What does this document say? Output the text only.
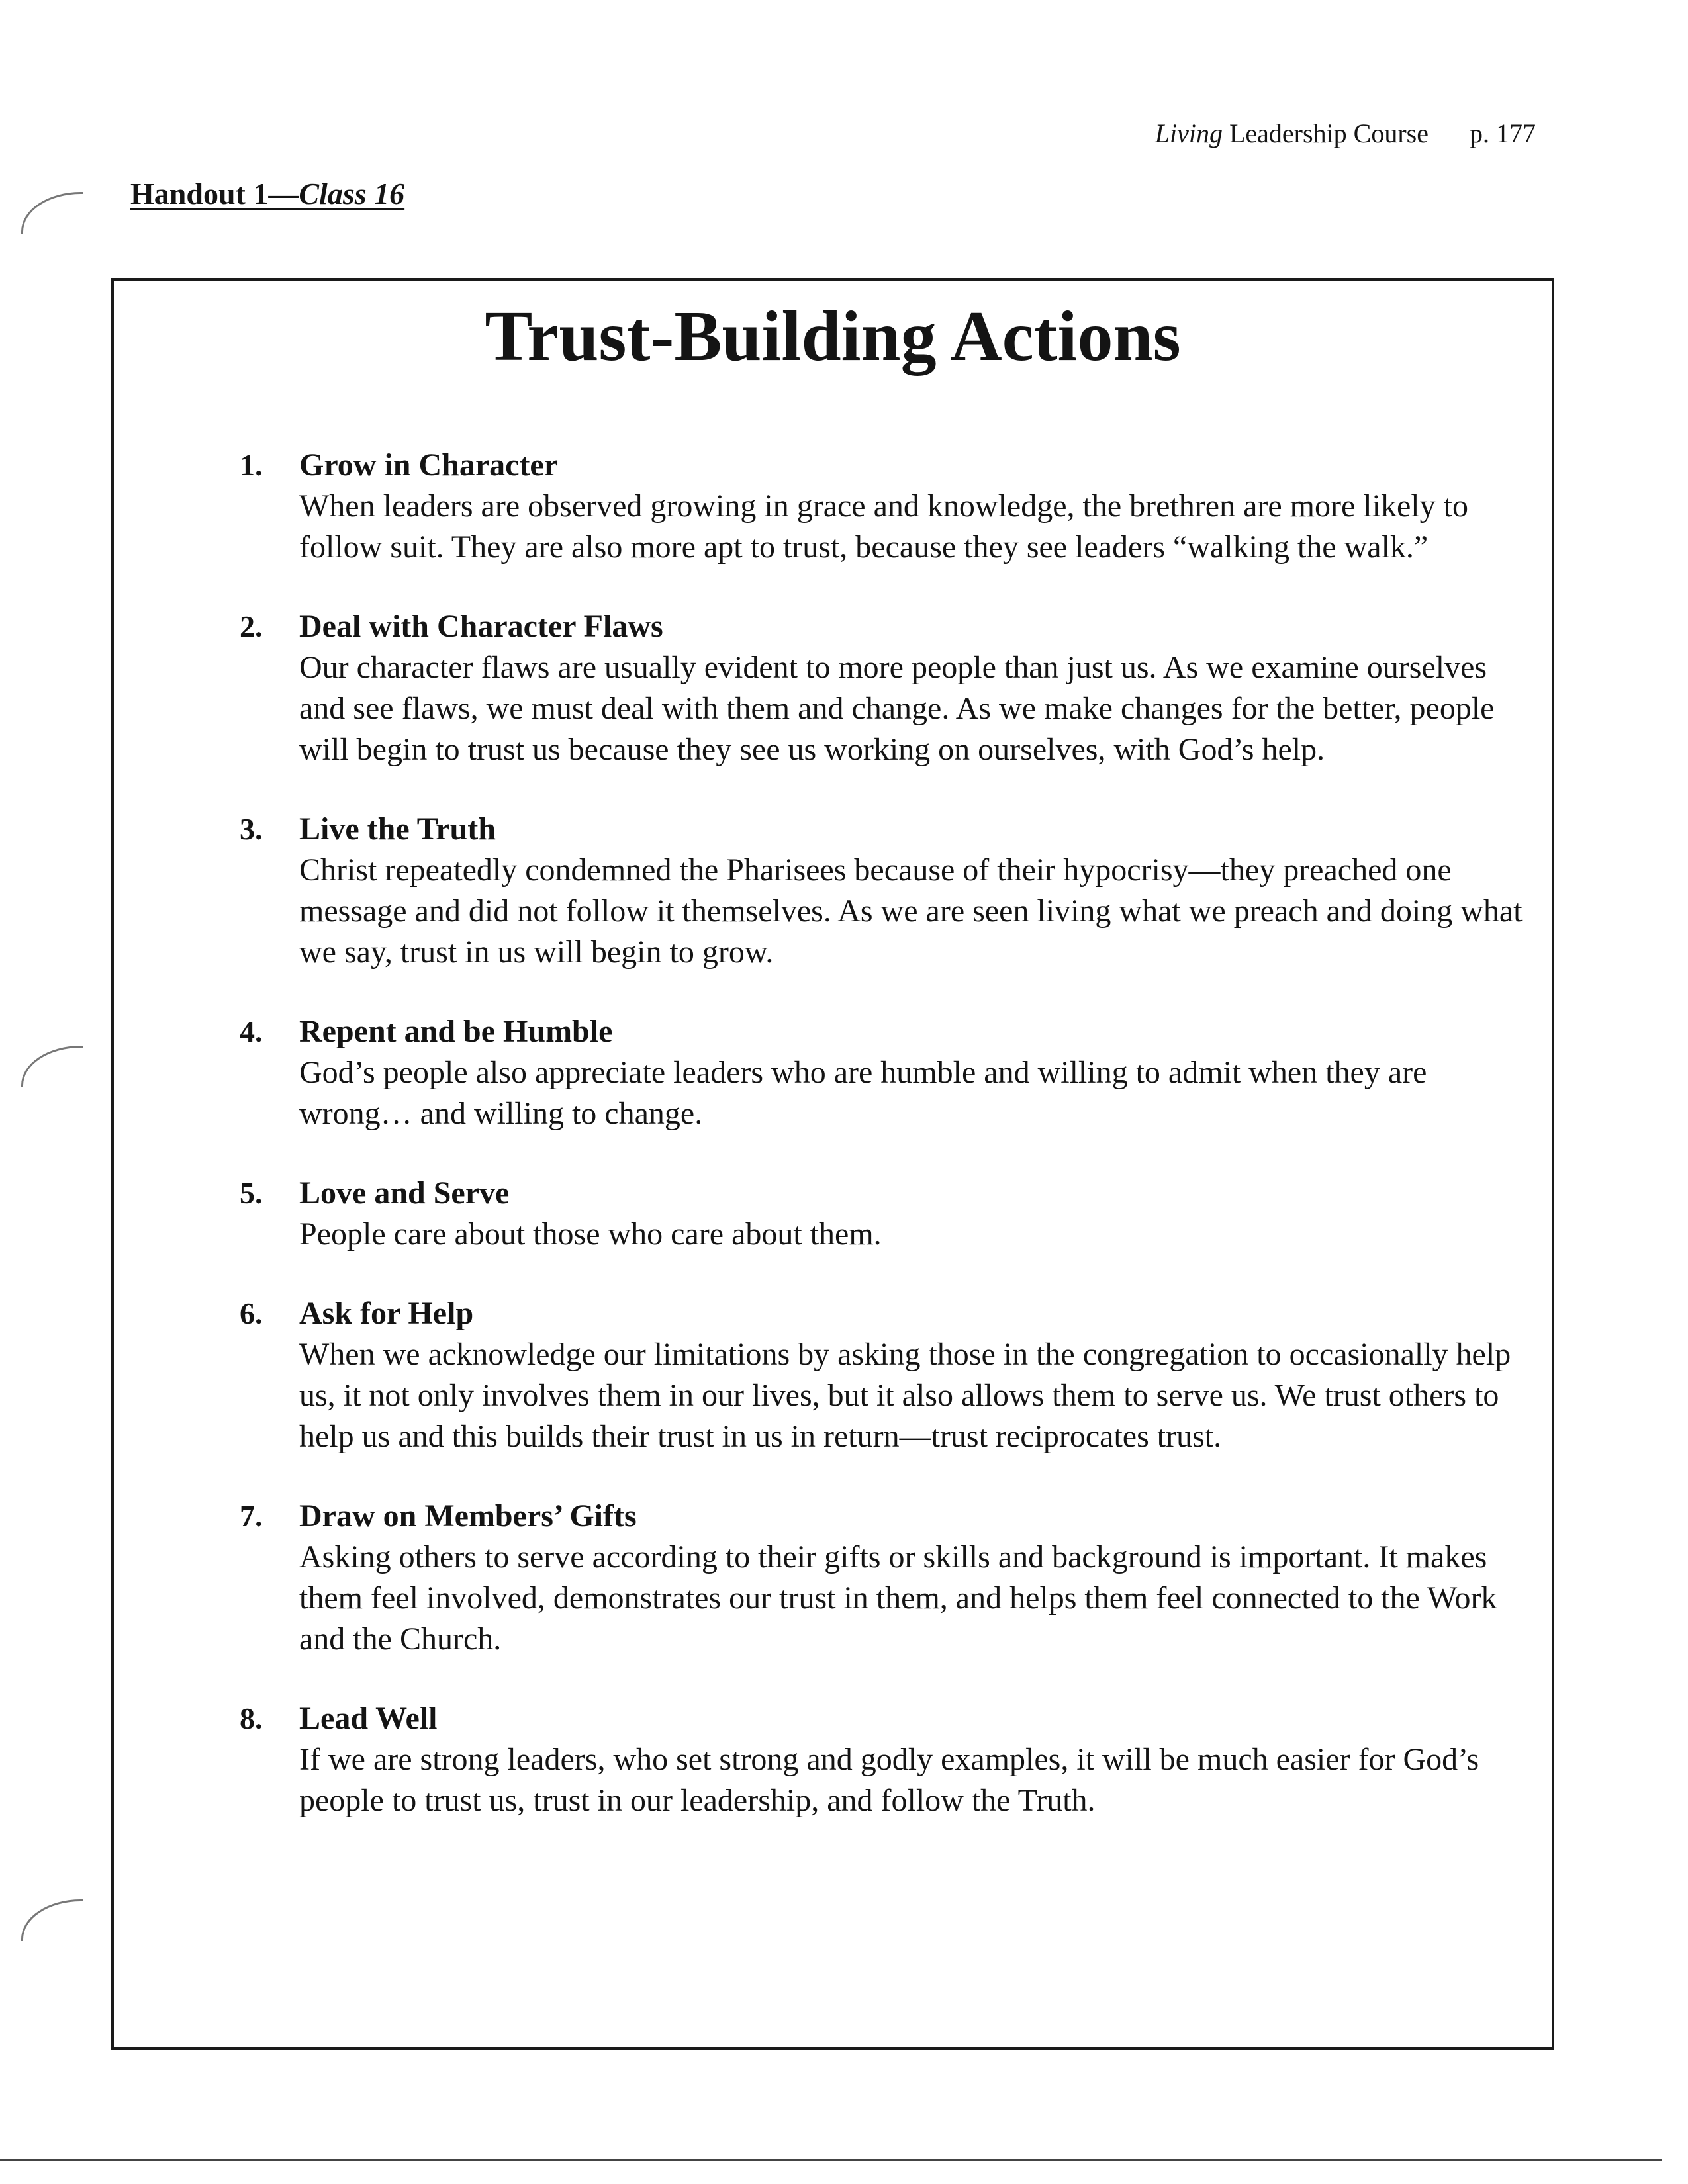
Living Leadership Course p. 177
Handout 1—Class 16
Trust-Building Actions
1. Grow in Character
When leaders are observed growing in grace and knowledge, the brethren are more likely to follow suit. They are also more apt to trust, because they see leaders “walking the walk.”
2. Deal with Character Flaws
Our character flaws are usually evident to more people than just us. As we examine ourselves and see flaws, we must deal with them and change. As we make changes for the better, people will begin to trust us because they see us working on ourselves, with God’s help.
3. Live the Truth
Christ repeatedly condemned the Pharisees because of their hypocrisy—they preached one message and did not follow it themselves. As we are seen living what we preach and doing what we say, trust in us will begin to grow.
4. Repent and be Humble
God’s people also appreciate leaders who are humble and willing to admit when they are wrong… and willing to change.
5. Love and Serve
People care about those who care about them.
6. Ask for Help
When we acknowledge our limitations by asking those in the congregation to occasionally help us, it not only involves them in our lives, but it also allows them to serve us. We trust others to help us and this builds their trust in us in return—trust reciprocates trust.
7. Draw on Members’ Gifts
Asking others to serve according to their gifts or skills and background is important. It makes them feel involved, demonstrates our trust in them, and helps them feel connected to the Work and the Church.
8. Lead Well
If we are strong leaders, who set strong and godly examples, it will be much easier for God’s people to trust us, trust in our leadership, and follow the Truth.
